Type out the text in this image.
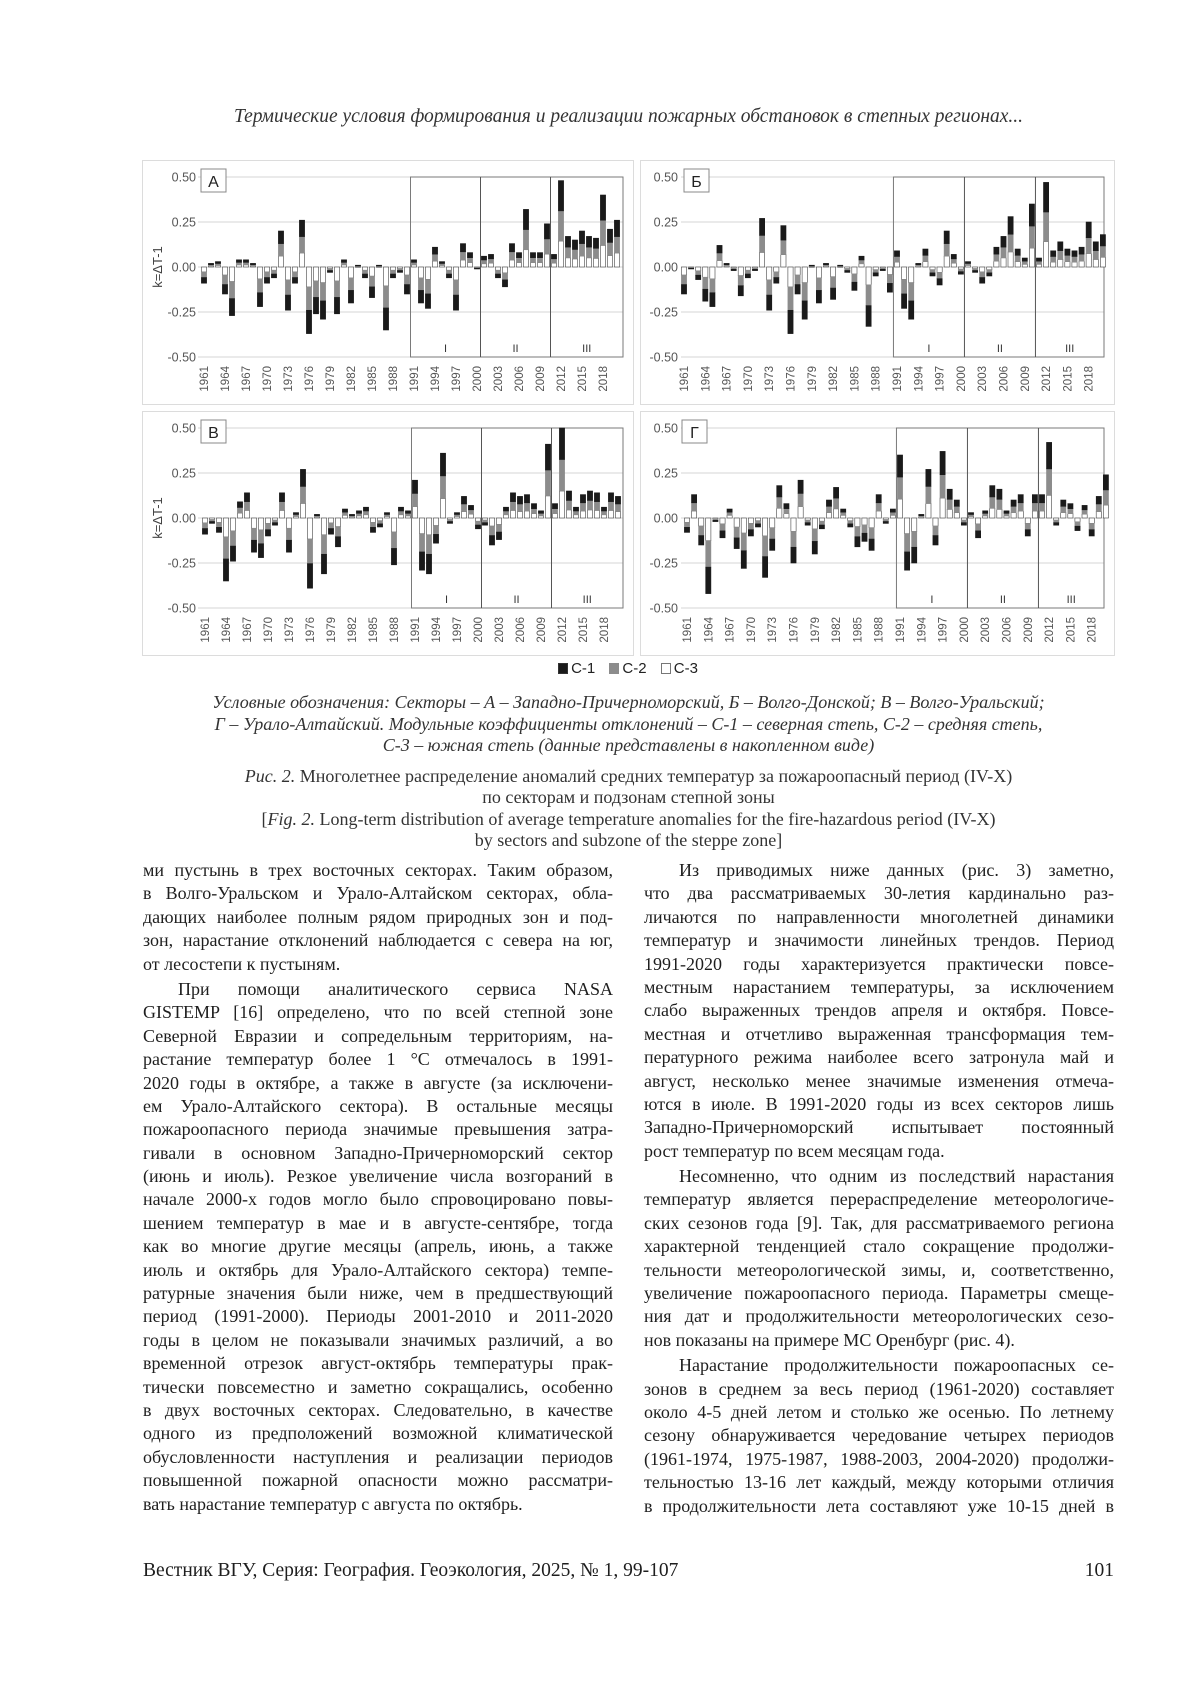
Термические условия формирования и реализации пожарных обстановок в степных регионах...
0.50
0.25
0.00
-0.25
-0.50
I	II	III
1961 1964 1967 1970 1973 1976 1979 1982 1985 1988 1991 1994 1997 2000 2003 2006 2009 2012 2015 2018
А
k=ΔT-1
0.50
0.25
0.00
-0.25
-0.50
I	II	III
1961 1964 1967 1970 1973 1976 1979 1982 1985 1988 1991 1994 1997 2000 2003 2006 2009 2012 2015 2018
Б
0.50
0.25
0.00
-0.25
-0.50
I	II	III
1961 1964 1967 1970 1973 1976 1979 1982 1985 1988 1991 1994 1997 2000 2003 2006 2009 2012 2015 2018
В
k=ΔT-1
0.50
0.25
0.00
-0.25
-0.50
I	II	III
1961 1964 1967 1970 1973 1976 1979 1982 1985 1988 1991 1994 1997 2000 2003 2006 2009 2012 2015 2018
Г
С-1 С-2 С-3
Условные обозначения: Секторы – А – Западно-Причерноморский, Б – Волго-Донской; В – Волго-Уральский;
Г – Урало-Алтайский. Модульные коэффициенты отклонений – С-1 – северная степь, С-2 – средняя степь,
С-3 – южная степь (данные представлены в накопленном виде)
Рис. 2. Многолетнее распределение аномалий средних температур за пожароопасный период (IV-X)
по секторам и подзонам степной зоны
[Fig. 2. Long-term distribution of average temperature anomalies for the fire-hazardous period (IV-X)
by sectors and subzone of the steppe zone]
ми пустынь в трех восточных секторах. Таким образом,
в Волго-Уральском и Урало-Алтайском секторах, обла-
дающих наиболее полным рядом природных зон и под-
зон, нарастание отклонений наблюдается с севера на юг,
от лесостепи к пустыням.
При помощи аналитического сервиса NASA
GISTEMP [16] определено, что по всей степной зоне
Северной Евразии и сопредельным территориям, на-
растание температур более 1 °С отмечалось в 1991-
2020 годы в октябре, а также в августе (за исключени-
ем Урало-Алтайского сектора). В остальные месяцы
пожароопасного периода значимые превышения затра-
гивали в основном Западно-Причерноморский сектор
(июнь и июль). Резкое увеличение числа возгораний в
начале 2000-х годов могло было спровоцировано повы-
шением температур в мае и в августе-сентябре, тогда
как во многие другие месяцы (апрель, июнь, а также
июль и октябрь для Урало-Алтайского сектора) темпе-
ратурные значения были ниже, чем в предшествующий
период (1991-2000). Периоды 2001-2010 и 2011-2020
годы в целом не показывали значимых различий, а во
временной отрезок август-октябрь температуры прак-
тически повсеместно и заметно сокращались, особенно
в двух восточных секторах. Следовательно, в качестве
одного из предположений возможной климатической
обусловленности наступления и реализации периодов
повышенной пожарной опасности можно рассматри-
вать нарастание температур с августа по октябрь.
Из приводимых ниже данных (рис. 3) заметно,
что два рассматриваемых 30-летия кардинально раз-
личаются по направленности многолетней динамики
температур и значимости линейных трендов. Период
1991-2020 годы характеризуется практически повсе-
местным нарастанием температуры, за исключением
слабо выраженных трендов апреля и октября. Повсе-
местная и отчетливо выраженная трансформация тем-
пературного режима наиболее всего затронула май и
август, несколько менее значимые изменения отмеча-
ются в июле. В 1991-2020 годы из всех секторов лишь
Западно-Причерноморский испытывает постоянный
рост температур по всем месяцам года.
Несомненно, что одним из последствий нарастания
температур является перераспределение метеорологиче-
ских сезонов года [9]. Так, для рассматриваемого региона
характерной тенденцией стало сокращение продолжи-
тельности метеорологической зимы, и, соответственно,
увеличение пожароопасного периода. Параметры смеще-
ния дат и продолжительности метеорологических сезо-
нов показаны на примере МС Оренбург (рис. 4).
Нарастание продолжительности пожароопасных се-
зонов в среднем за весь период (1961-2020) составляет
около 4-5 дней летом и столько же осенью. По летнему
сезону обнаруживается чередование четырех периодов
(1961-1974, 1975-1987, 1988-2003, 2004-2020) продолжи-
тельностью 13-16 лет каждый, между которыми отличия
в продолжительности лета составляют уже 10-15 дней в
Вестник ВГУ, Серия: География. Геоэкология, 2025, № 1, 99-107	101
